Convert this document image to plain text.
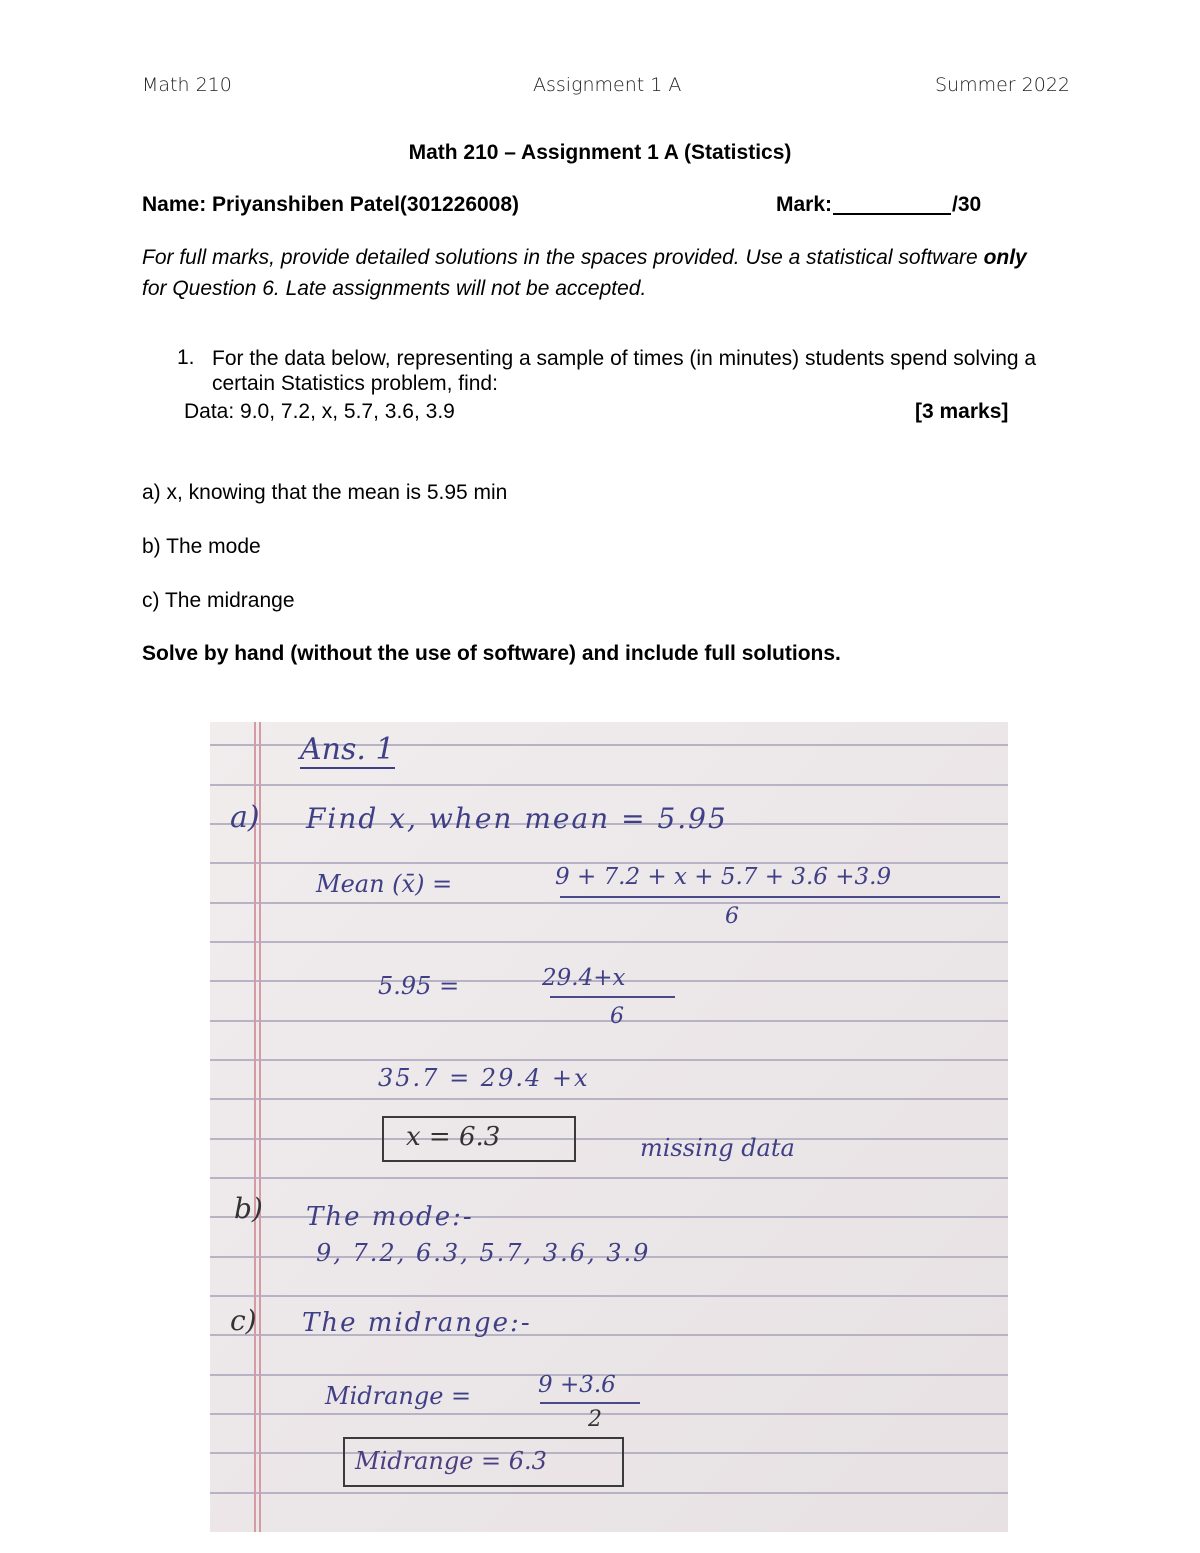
Math 210	Assignment 1 A	Summer 2022
Math 210 – Assignment 1 A (Statistics)
Name: Priyanshiben Patel(301226008)	Mark:	/30
For full marks, provide detailed solutions in the spaces provided. Use a statistical software only for Question 6. Late assignments will not be accepted.
1. For the data below, representing a sample of times (in minutes) students spend solving a certain Statistics problem, find:
Data: 9.0, 7.2, x, 5.7, 3.6, 3.9	[3 marks]
a) x, knowing that the mean is 5.95 min
b) The mode
c) The midrange
Solve by hand (without the use of software) and include full solutions.
Ans. 1
a) Find x, when mean = 5.95
Mean (x̄) =	9 + 7.2 + x + 5.7 + 3.6 +3.9
6
5.95 =	29.4+x
6
35.7 = 29.4 +x
x = 6.3	missing data
b) The mode:-
9, 7.2, 6.3, 5.7, 3.6, 3.9
c) The midrange:-
Midrange =	9 +3.6
2
Midrange = 6.3
